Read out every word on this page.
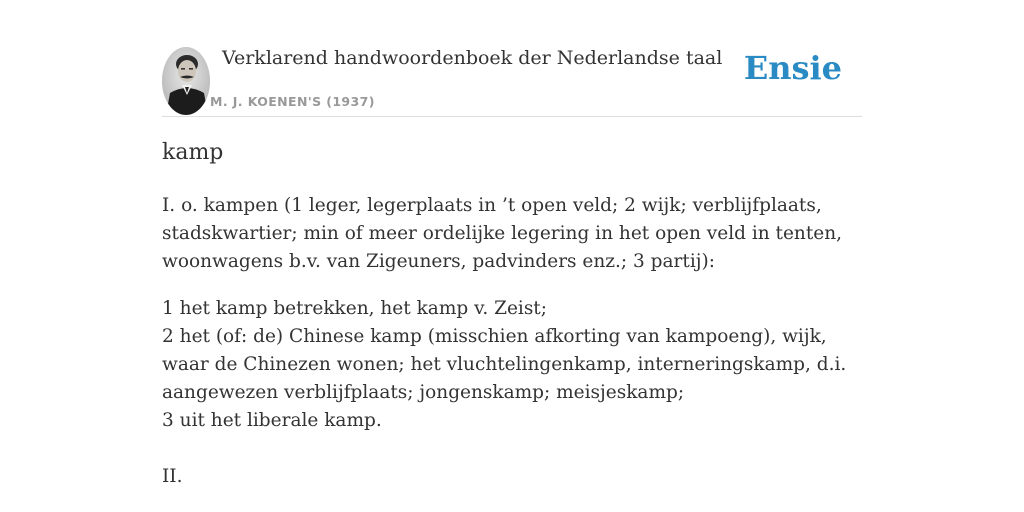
Verklarend handwoordenboek der Nederlandse taal
M. J. KOENEN'S (1937)
Ensie
kamp

I. o. kampen (1 leger, legerplaats in ’t open veld; 2 wijk; verblijfplaats, stadskwartier; min of meer ordelijke legering in het open veld in tenten, woonwagens b.v. van Zigeuners, padvinders enz.; 3 partij):

1 het kamp betrekken, het kamp v. Zeist;
2 het (of: de) Chinese kamp (misschien afkorting van kampoeng), wijk, waar de Chinezen wonen; het vluchtelingenkamp, interneringskamp, d.i. aangewezen verblijfplaats; jongenskamp; meisjeskamp;
3 uit het liberale kamp.

II.
